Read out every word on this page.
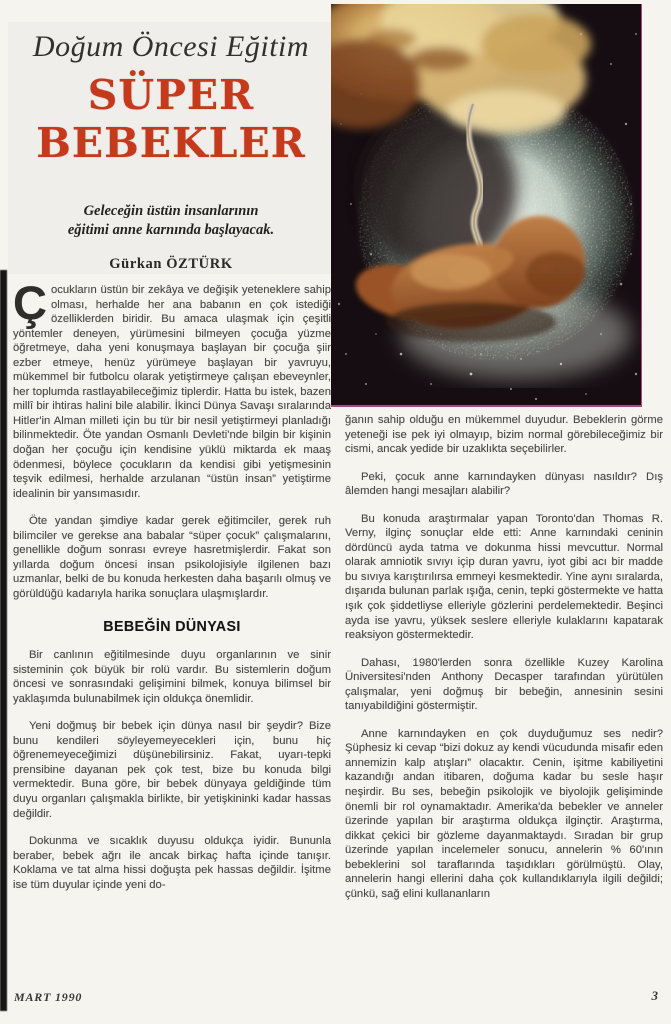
Doğum Öncesi Eğitim
SÜPER
BEBEKLER
Geleceğin üstün insanlarının
eğitimi anne karnında başlayacak.
Gürkan ÖZTÜRK

Çocukların üstün bir zekâya ve değişik yeteneklere sahip olması, herhalde her ana babanın en çok istediği özelliklerden biridir. Bu amaca ulaşmak için çeşitli yöntemler deneyen, yürümesini bilmeyen çocuğa yüzme öğretmeye, daha yeni konuşmaya başlayan bir çocuğa şiir ezber etmeye, henüz yürümeye başlayan bir yavruyu, mükemmel bir futbolcu olarak yetiştirmeye çalışan ebeveynler, her toplumda rastlayabileceğimiz tiplerdir. Hatta bu istek, bazen millî bir ihtiras halini bile alabilir. İkinci Dünya Savaşı sıralarında Hitler'in Alman milleti için bu tür bir nesil yetiştirmeyi planladığı bilinmektedir. Öte yandan Osmanlı Devleti'nde bilgin bir kişinin doğan her çocuğu için kendisine yüklü miktarda ek maaş ödenmesi, böylece çocukların da kendisi gibi yetişmesinin teşvik edilmesi, herhalde arzulanan “üstün insan” yetiştirme idealinin bir yansımasıdır.

Öte yandan şimdiye kadar gerek eğitimciler, gerek ruh bilimciler ve gerekse ana babalar “süper çocuk” çalışmalarını, genellikle doğum sonrası evreye hasretmişlerdir. Fakat son yıllarda doğum öncesi insan psikolojisiyle ilgilenen bazı uzmanlar, belki de bu konuda herkesten daha başarılı olmuş ve görüldüğü kadarıyla harika sonuçlara ulaşmışlardır.

BEBEĞİN DÜNYASI

Bir canlının eğitilmesinde duyu organlarının ve sinir sisteminin çok büyük bir rolü vardır. Bu sistemlerin doğum öncesi ve sonrasındaki gelişimini bilmek, konuya bilimsel bir yaklaşımda bulunabilmek için oldukça önemlidir.

Yeni doğmuş bir bebek için dünya nasıl bir şeydir? Bize bunu kendileri söyleyemeyecekleri için, bunu hiç öğrenemeyeceğimizi düşünebilirsiniz. Fakat, uyarı-tepki prensibine dayanan pek çok test, bize bu konuda bilgi vermektedir. Buna göre, bir bebek dünyaya geldiğinde tüm duyu organları çalışmakla birlikte, bir yetişkininki kadar hassas değildir.

Dokunma ve sıcaklık duyusu oldukça iyidir. Bununla beraber, bebek ağrı ile ancak birkaç hafta içinde tanışır. Koklama ve tat alma hissi doğuşta pek hassas değildir. İşitme ise tüm duyular içinde yeni do-

ğanın sahip olduğu en mükemmel duyudur. Bebeklerin görme yeteneği ise pek iyi olmayıp, bizim normal görebileceğimiz bir cismi, ancak yedide bir uzaklıkta seçebilirler.

Peki, çocuk anne karnındayken dünyası nasıldır? Dış âlemden hangi mesajları alabilir?

Bu konuda araştırmalar yapan Toronto'dan Thomas R. Verny, ilginç sonuçlar elde etti: Anne karnındaki ceninin dördüncü ayda tatma ve dokunma hissi mevcuttur. Normal olarak amniotik sıvıyı içip duran yavru, iyot gibi acı bir madde bu sıvıya karıştırılırsa emmeyi kesmektedir. Yine aynı sıralarda, dışarıda bulunan parlak ışığa, cenin, tepki göstermekte ve hatta ışık çok şiddetliyse elleriyle gözlerini perdelemektedir. Beşinci ayda ise yavru, yüksek seslere elleriyle kulaklarını kapatarak reaksiyon göstermektedir.

Dahası, 1980'lerden sonra özellikle Kuzey Karolina Üniversitesi'nden Anthony Decasper tarafından yürütülen çalışmalar, yeni doğmuş bir bebeğin, annesinin sesini tanıyabildiğini göstermiştir.

Anne karnındayken en çok duyduğumuz ses nedir? Şüphesiz ki cevap “bizi dokuz ay kendi vücudunda misafir eden annemizin kalp atışları” olacaktır. Cenin, işitme kabiliyetini kazandığı andan itibaren, doğuma kadar bu sesle haşır neşirdir. Bu ses, bebeğin psikolojik ve biyolojik gelişiminde önemli bir rol oynamaktadır. Amerika'da bebekler ve anneler üzerinde yapılan bir araştırma oldukça ilginçtir. Araştırma, dikkat çekici bir gözleme dayanmaktaydı. Sıradan bir grup üzerinde yapılan incelemeler sonucu, annelerin % 60'ının bebeklerini sol taraflarında taşıdıkları görülmüştü. Olay, annelerin hangi ellerini daha çok kullandıklarıyla ilgili değildi; çünkü, sağ elini kullananların

MART 1990	3
